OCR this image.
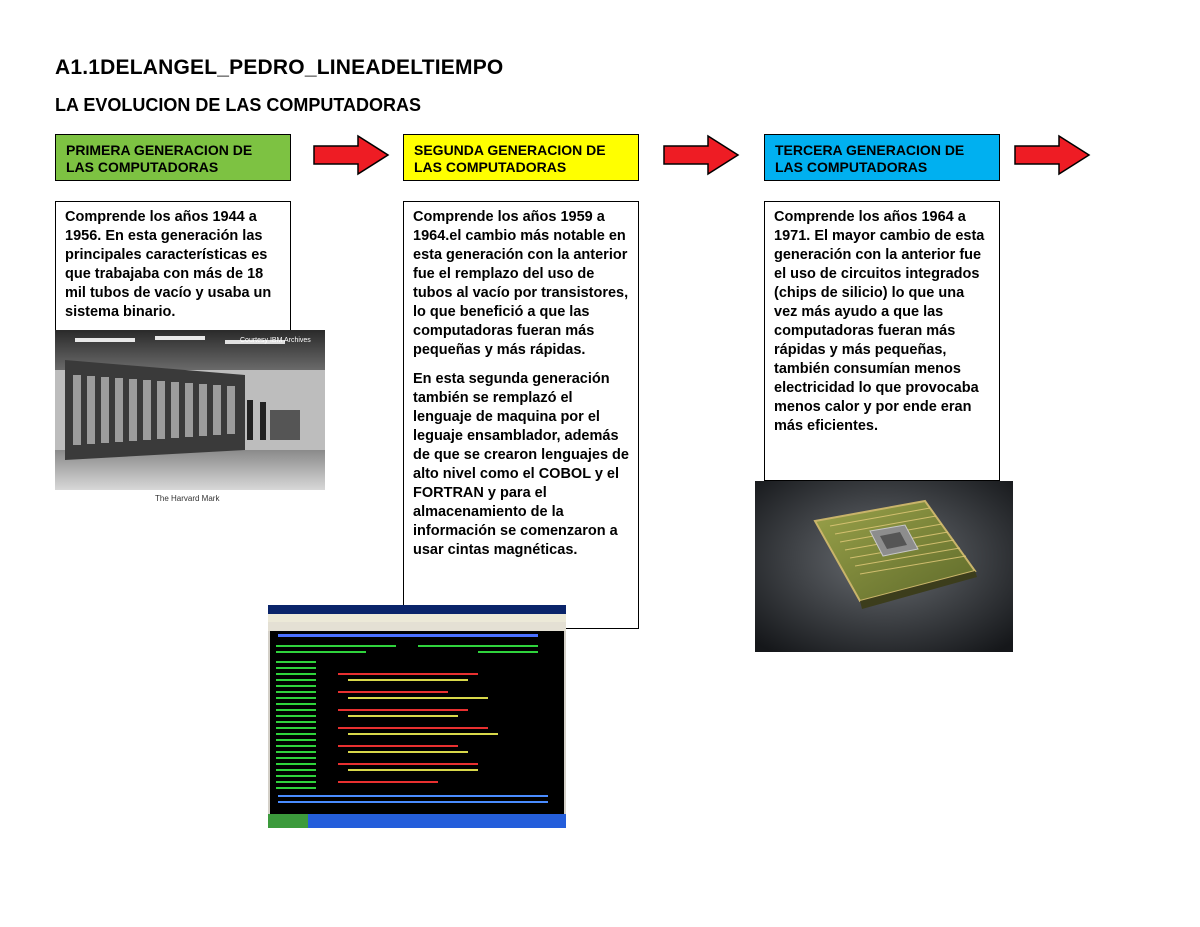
A1.1DELANGEL_PEDRO_LINEADELTIEMPO
LA EVOLUCION DE LAS COMPUTADORAS
PRIMERA GENERACION DE
LAS COMPUTADORAS
SEGUNDA GENERACION DE
LAS COMPUTADORAS
TERCERA GENERACION DE
LAS COMPUTADORAS

Comprende los años 1944 a 1956. En esta generación las principales características es que trabajaba con más de 18 mil tubos de vacío y usaba un sistema binario.

Comprende los años 1959 a 1964.el cambio más notable en esta generación con la anterior fue el remplazo del uso de tubos al vacío por transistores, lo que benefició a que las computadoras fueran más pequeñas y más rápidas.

En esta segunda generación también se remplazó el lenguaje de maquina por el leguaje ensamblador, además de que se crearon lenguajes de alto nivel como el COBOL y el FORTRAN y para el almacenamiento de la información se comenzaron a usar cintas magnéticas.

Comprende los años 1964 a 1971. El mayor cambio de esta generación con la anterior fue el uso de circuitos integrados (chips de silicio) lo que una vez más ayudo a que las computadoras fueran más rápidas y más pequeñas, también consumían menos electricidad lo que provocaba menos calor y por ende eran más eficientes.

Courtesy IBM Archives
The Harvard Mark
